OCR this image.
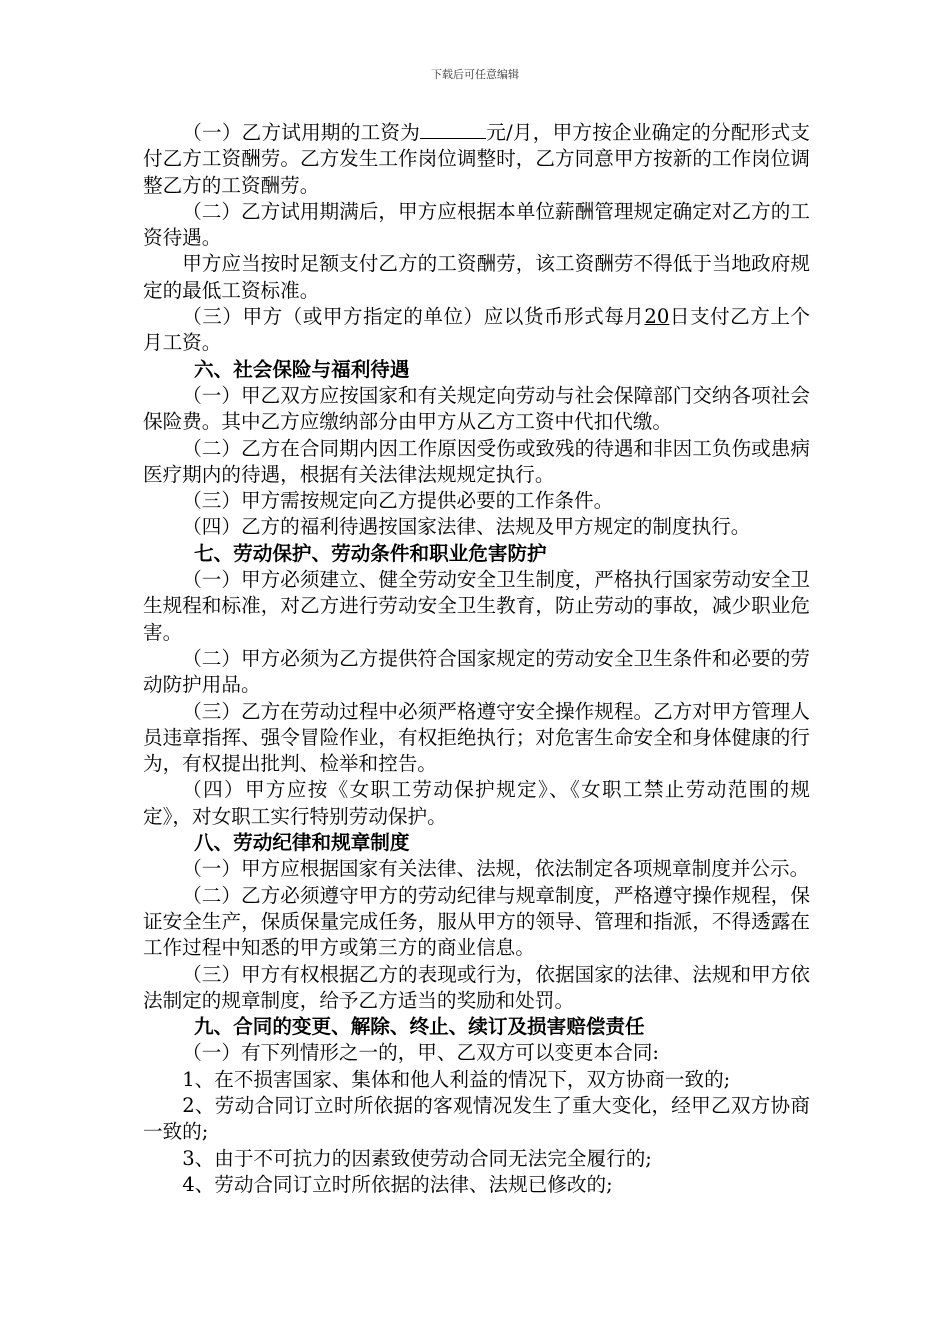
下载后可任意编辑

（一）乙方试用期的工资为	元/月，甲方按企业确定的分配形式支付乙方工资酬劳。乙方发生工作岗位调整时，乙方同意甲方按新的工作岗位调整乙方的工资酬劳。

（二）乙方试用期满后，甲方应根据本单位薪酬管理规定确定对乙方的工资待遇。

甲方应当按时足额支付乙方的工资酬劳，该工资酬劳不得低于当地政府规定的最低工资标准。

（三）甲方（或甲方指定的单位）应以货币形式每月20日支付乙方上个月工资。

六、社会保险与福利待遇

（一）甲乙双方应按国家和有关规定向劳动与社会保障部门交纳各项社会保险费。其中乙方应缴纳部分由甲方从乙方工资中代扣代缴。

（二）乙方在合同期内因工作原因受伤或致残的待遇和非因工负伤或患病医疗期内的待遇，根据有关法律法规规定执行。

（三）甲方需按规定向乙方提供必要的工作条件。

（四）乙方的福利待遇按国家法律、法规及甲方规定的制度执行。

七、劳动保护、劳动条件和职业危害防护

（一）甲方必须建立、健全劳动安全卫生制度，严格执行国家劳动安全卫生规程和标准，对乙方进行劳动安全卫生教育，防止劳动的事故，减少职业危害。

（二）甲方必须为乙方提供符合国家规定的劳动安全卫生条件和必要的劳动防护用品。

（三）乙方在劳动过程中必须严格遵守安全操作规程。乙方对甲方管理人员违章指挥、强令冒险作业，有权拒绝执行；对危害生命安全和身体健康的行为，有权提出批判、检举和控告。

（四）甲方应按《女职工劳动保护规定》、《女职工禁止劳动范围的规定》，对女职工实行特别劳动保护。

八、劳动纪律和规章制度

（一）甲方应根据国家有关法律、法规，依法制定各项规章制度并公示。

（二）乙方必须遵守甲方的劳动纪律与规章制度，严格遵守操作规程，保证安全生产，保质保量完成任务，服从甲方的领导、管理和指派，不得透露在工作过程中知悉的甲方或第三方的商业信息。

（三）甲方有权根据乙方的表现或行为，依据国家的法律、法规和甲方依法制定的规章制度，给予乙方适当的奖励和处罚。

九、合同的变更、解除、终止、续订及损害赔偿责任

（一）有下列情形之一的，甲、乙双方可以变更本合同:

1、在不损害国家、集体和他人利益的情况下，双方协商一致的;

2、劳动合同订立时所依据的客观情况发生了重大变化，经甲乙双方协商一致的;

3、由于不可抗力的因素致使劳动合同无法完全履行的;

4、劳动合同订立时所依据的法律、法规已修改的;
